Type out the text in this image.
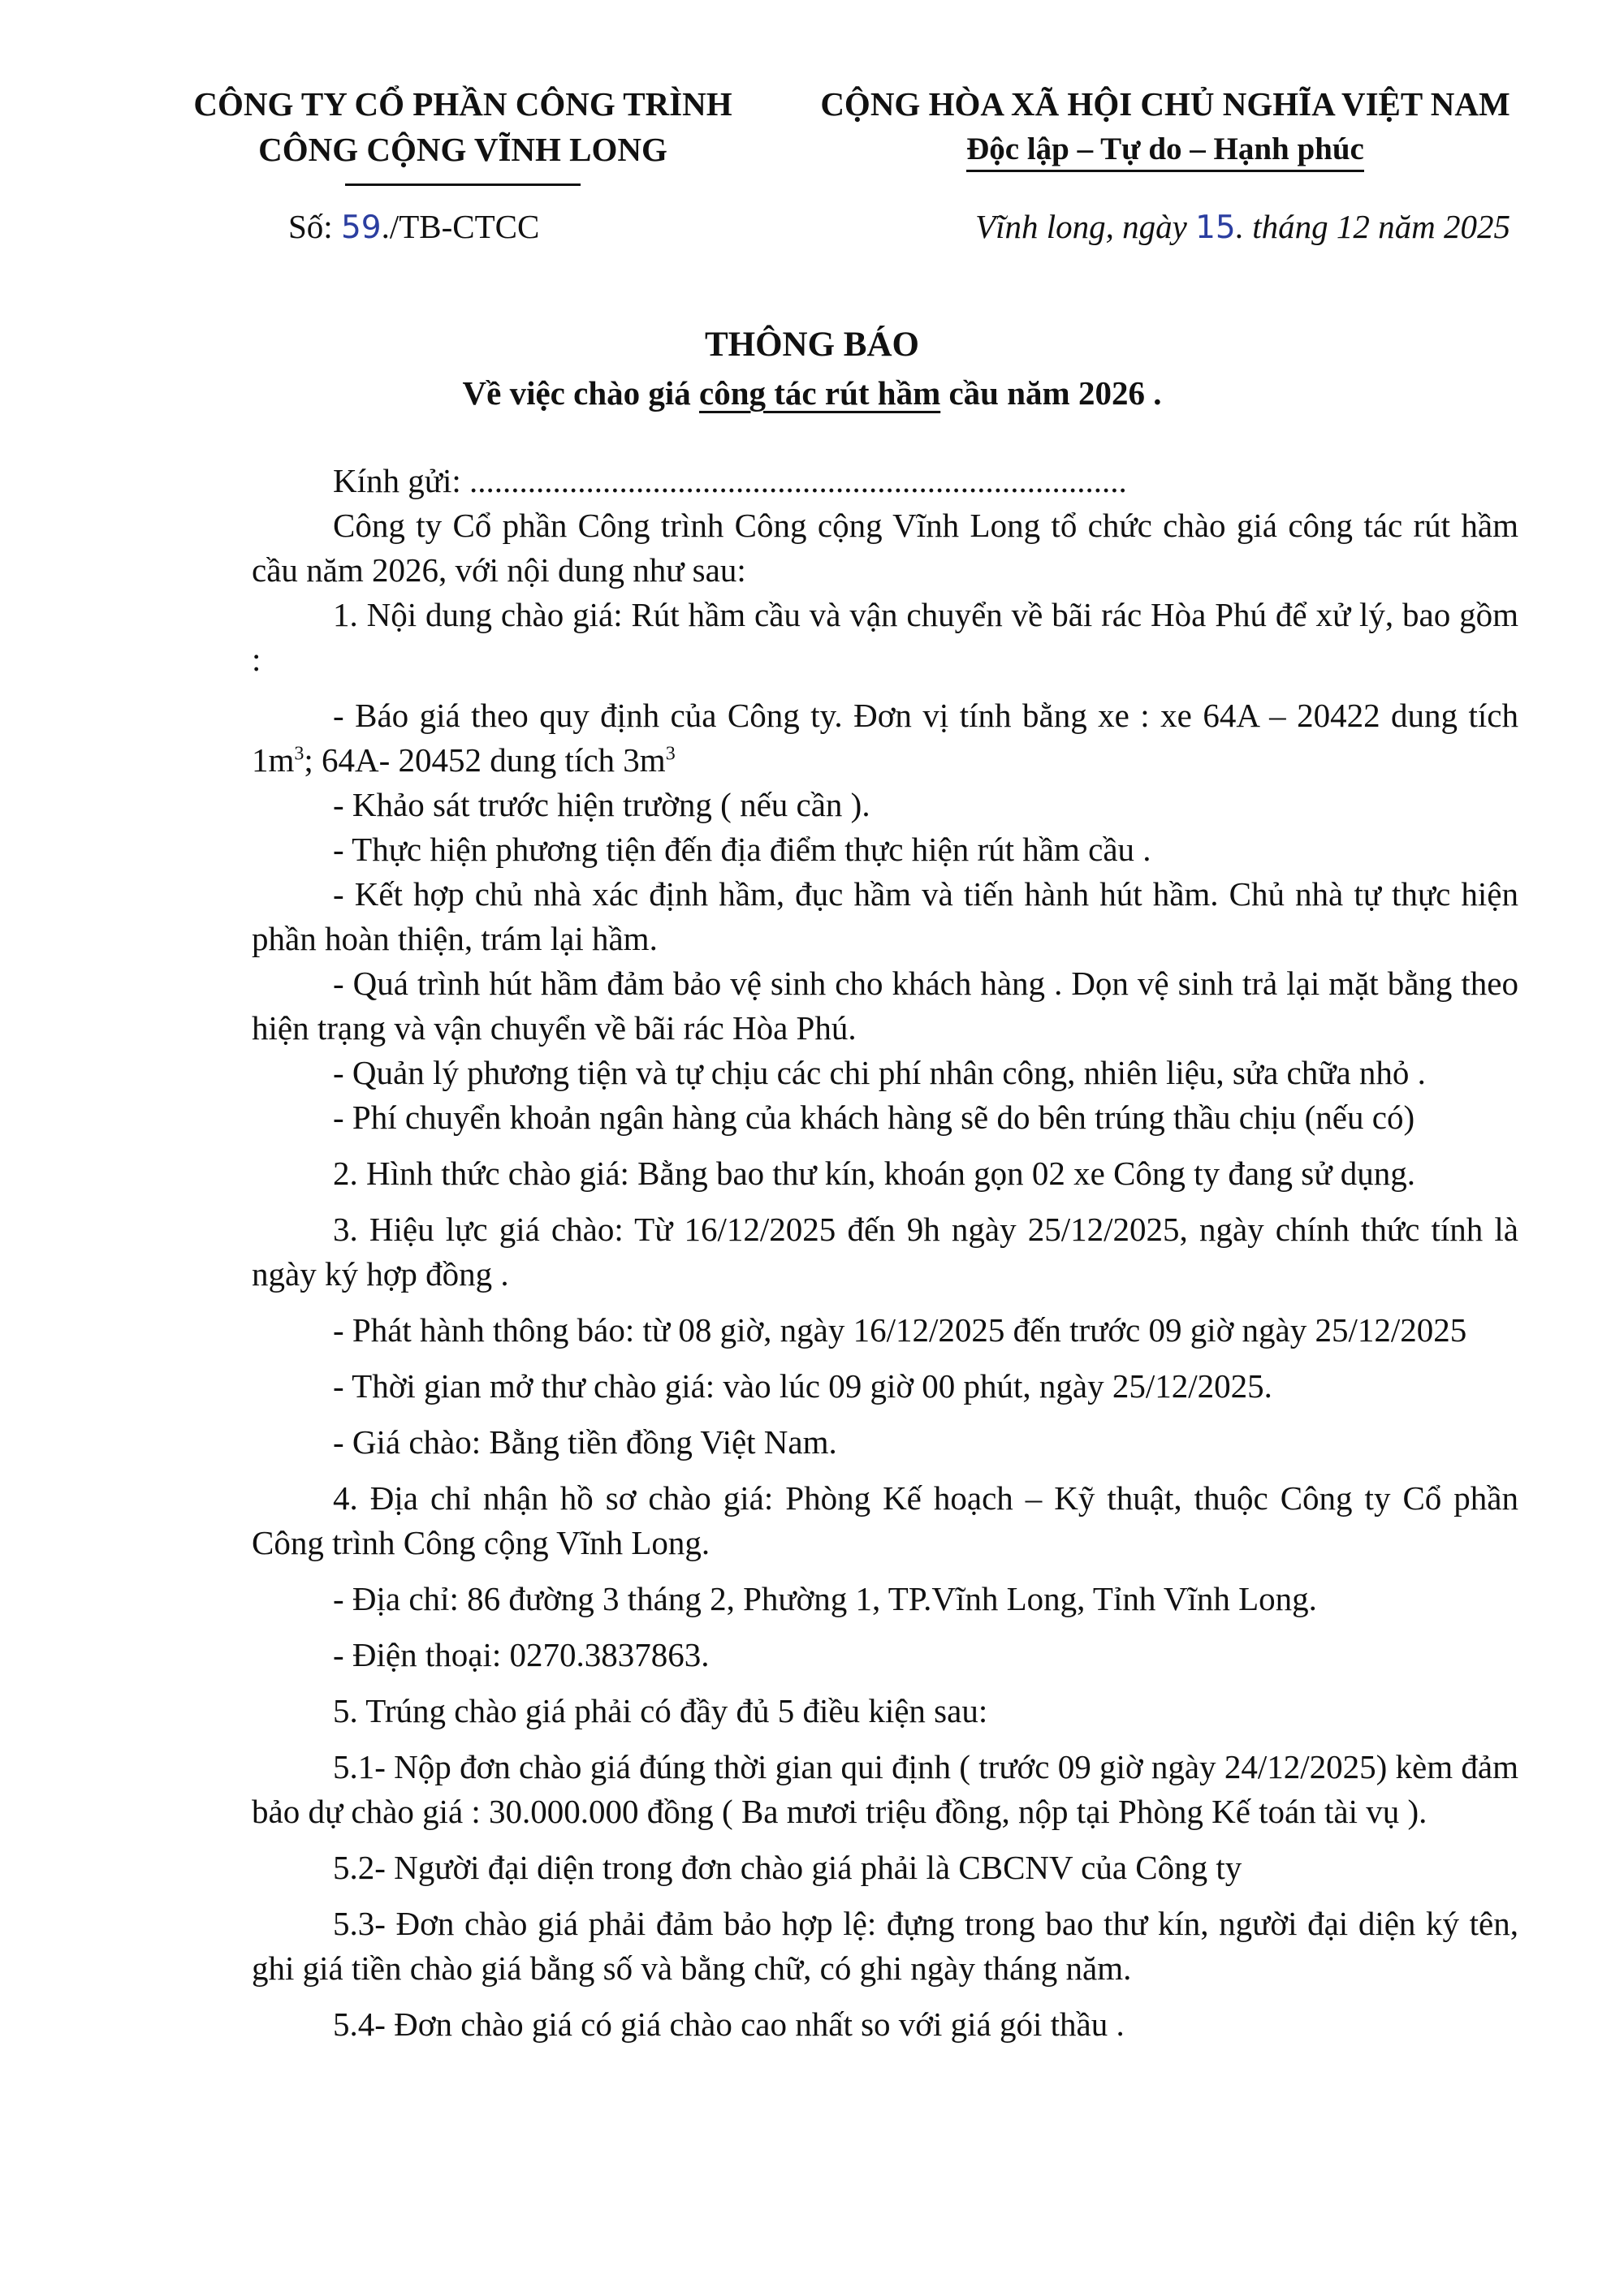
CÔNG TY CỔ PHẦN CÔNG TRÌNH
CÔNG CỘNG VĨNH LONG
CỘNG HÒA XÃ HỘI CHỦ NGHĨA VIỆT NAM
Độc lập – Tự do – Hạnh phúc
Số: 59./TB-CTCC	Vĩnh long, ngày 15. tháng 12 năm 2025
THÔNG BÁO
Về việc chào giá công tác rút hầm cầu năm 2026 .

Kính gửi: ...............................................................................

Công ty Cổ phần Công trình Công cộng Vĩnh Long tổ chức chào giá công tác rút hầm cầu năm 2026, với nội dung như sau:

1. Nội dung chào giá: Rút hầm cầu và vận chuyển về bãi rác Hòa Phú để xử lý, bao gồm :

- Báo giá theo quy định của Công ty. Đơn vị tính bằng xe : xe 64A – 20422 dung tích $1m^3$; 64A- 20452 dung tích $3m^3$

- Khảo sát trước hiện trường ( nếu cần ).

- Thực hiện phương tiện đến địa điểm thực hiện rút hầm cầu .

- Kết hợp chủ nhà xác định hầm, đục hầm và tiến hành hút hầm. Chủ nhà tự thực hiện phần hoàn thiện, trám lại hầm.

- Quá trình hút hầm đảm bảo vệ sinh cho khách hàng . Dọn vệ sinh trả lại mặt bằng theo hiện trạng và vận chuyển về bãi rác Hòa Phú.

- Quản lý phương tiện và tự chịu các chi phí nhân công, nhiên liệu, sửa chữa nhỏ .

- Phí chuyển khoản ngân hàng của khách hàng sẽ do bên trúng thầu chịu (nếu có)

2. Hình thức chào giá: Bằng bao thư kín, khoán gọn 02 xe Công ty đang sử dụng.

3. Hiệu lực giá chào: Từ 16/12/2025 đến 9h ngày 25/12/2025, ngày chính thức tính là ngày ký hợp đồng .

- Phát hành thông báo: từ 08 giờ, ngày 16/12/2025 đến trước 09 giờ ngày 25/12/2025

- Thời gian mở thư chào giá: vào lúc 09 giờ 00 phút, ngày 25/12/2025.

- Giá chào: Bằng tiền đồng Việt Nam.

4. Địa chỉ nhận hồ sơ chào giá: Phòng Kế hoạch – Kỹ thuật, thuộc Công ty Cổ phần Công trình Công cộng Vĩnh Long.

- Địa chỉ: 86 đường 3 tháng 2, Phường 1, TP.Vĩnh Long, Tỉnh Vĩnh Long.

- Điện thoại: 0270.3837863.

5. Trúng chào giá phải có đầy đủ 5 điều kiện sau:

5.1- Nộp đơn chào giá đúng thời gian qui định ( trước 09 giờ ngày 24/12/2025) kèm đảm bảo dự chào giá : 30.000.000 đồng ( Ba mươi triệu đồng, nộp tại Phòng Kế toán tài vụ ).

5.2- Người đại diện trong đơn chào giá phải là CBCNV của Công ty

5.3- Đơn chào giá phải đảm bảo hợp lệ: đựng trong bao thư kín, người đại diện ký tên, ghi giá tiền chào giá bằng số và bằng chữ, có ghi ngày tháng năm.

5.4- Đơn chào giá có giá chào cao nhất so với giá gói thầu .
